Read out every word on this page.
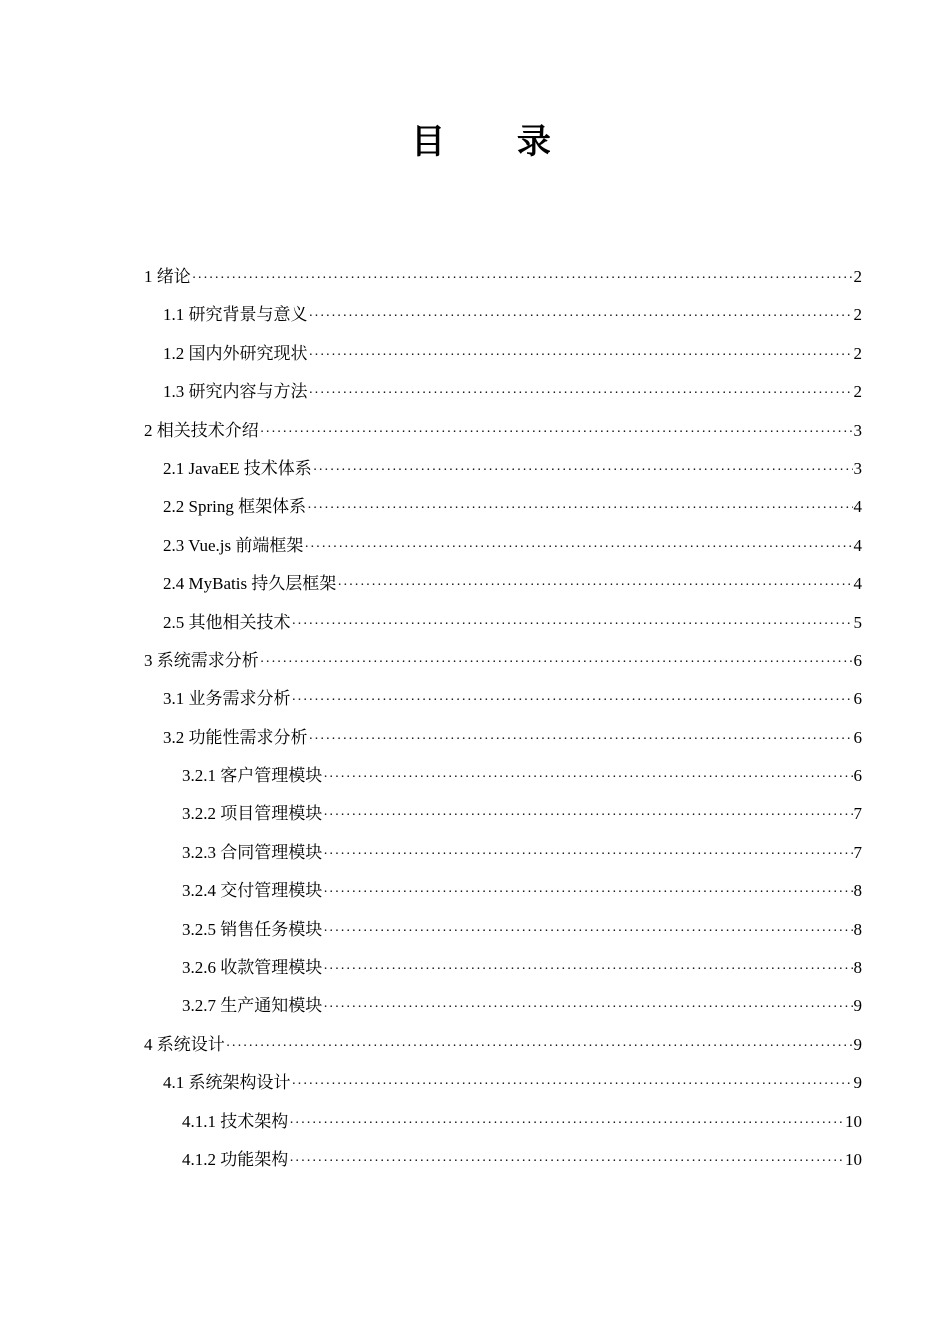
目 录
1 绪论 ·····	2
1.1 研究背景与意义 ·····	2
1.2 国内外研究现状 ·····	2
1.3 研究内容与方法 ·····	2
2 相关技术介绍 ·····	3
2.1 JavaEE 技术体系 ·····	3
2.2 Spring 框架体系 ·····	4
2.3 Vue.js 前端框架 ·····	4
2.4 MyBatis 持久层框架 ·····	4
2.5 其他相关技术 ·····	5
3 系统需求分析 ·····	6
3.1 业务需求分析 ·····	6
3.2 功能性需求分析 ·····	6
3.2.1 客户管理模块 ·····	6
3.2.2 项目管理模块 ·····	7
3.2.3 合同管理模块 ·····	7
3.2.4 交付管理模块 ·····	8
3.2.5 销售任务模块 ·····	8
3.2.6 收款管理模块 ·····	8
3.2.7 生产通知模块 ·····	9
4 系统设计 ·····	9
4.1 系统架构设计 ·····	9
4.1.1 技术架构 ·····	10
4.1.2 功能架构 ·····	10
